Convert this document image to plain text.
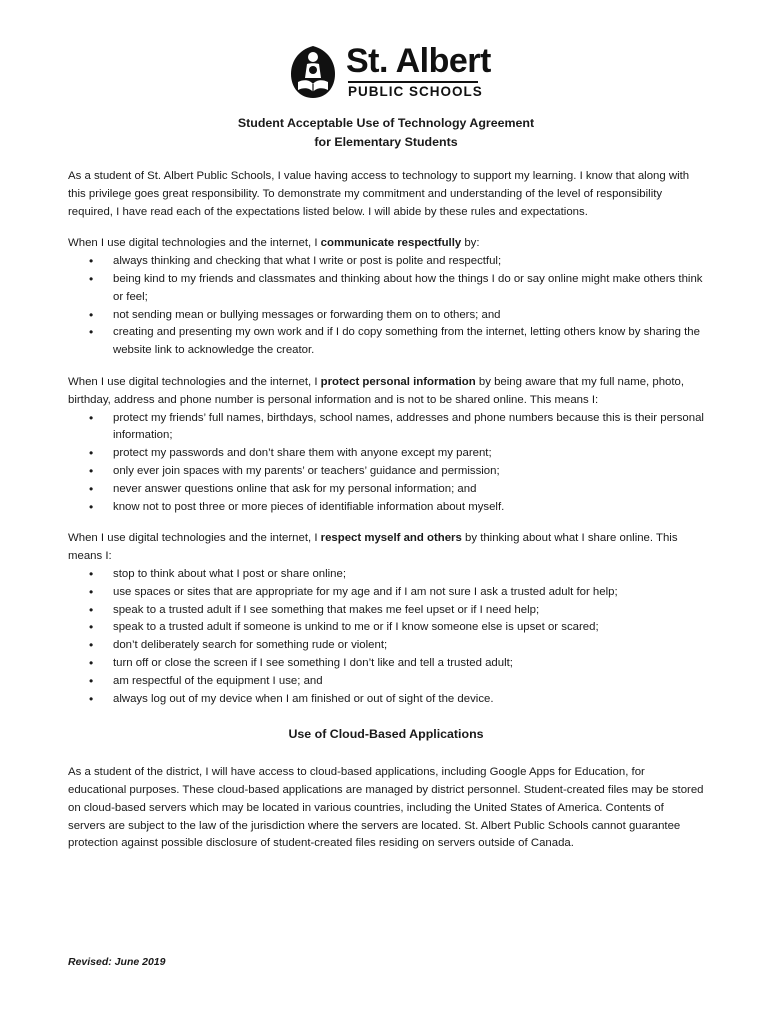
St. Albert
PUBLIC SCHOOLS
Student Acceptable Use of Technology Agreement
for Elementary Students

As a student of St. Albert Public Schools, I value having access to technology to support my learning. I know that along with this privilege goes great responsibility. To demonstrate my commitment and understanding of the level of responsibility required, I have read each of the expectations listed below. I will abide by these rules and expectations.

When I use digital technologies and the internet, I communicate respectfully by:

• always thinking and checking that what I write or post is polite and respectful;
• being kind to my friends and classmates and thinking about how the things I do or say online might make others think or feel;
• not sending mean or bullying messages or forwarding them on to others; and
• creating and presenting my own work and if I do copy something from the internet, letting others know by sharing the website link to acknowledge the creator.

When I use digital technologies and the internet, I protect personal information by being aware that my full name, photo, birthday, address and phone number is personal information and is not to be shared online. This means I:

• protect my friends’ full names, birthdays, school names, addresses and phone numbers because this is their personal information;
• protect my passwords and don’t share them with anyone except my parent;
• only ever join spaces with my parents’ or teachers’ guidance and permission;
• never answer questions online that ask for my personal information; and
• know not to post three or more pieces of identifiable information about myself.

When I use digital technologies and the internet, I respect myself and others by thinking about what I share online. This means I:

• stop to think about what I post or share online;
• use spaces or sites that are appropriate for my age and if I am not sure I ask a trusted adult for help;
• speak to a trusted adult if I see something that makes me feel upset or if I need help;
• speak to a trusted adult if someone is unkind to me or if I know someone else is upset or scared;
• don’t deliberately search for something rude or violent;
• turn off or close the screen if I see something I don’t like and tell a trusted adult;
• am respectful of the equipment I use; and
• always log out of my device when I am finished or out of sight of the device.
Use of Cloud-Based Applications

As a student of the district, I will have access to cloud-based applications, including Google Apps for Education, for educational purposes. These cloud-based applications are managed by district personnel. Student-created files may be stored on cloud-based servers which may be located in various countries, including the United States of America. Contents of servers are subject to the law of the jurisdiction where the servers are located. St. Albert Public Schools cannot guarantee protection against possible disclosure of student-created files residing on servers outside of Canada.

Revised: June 2019
